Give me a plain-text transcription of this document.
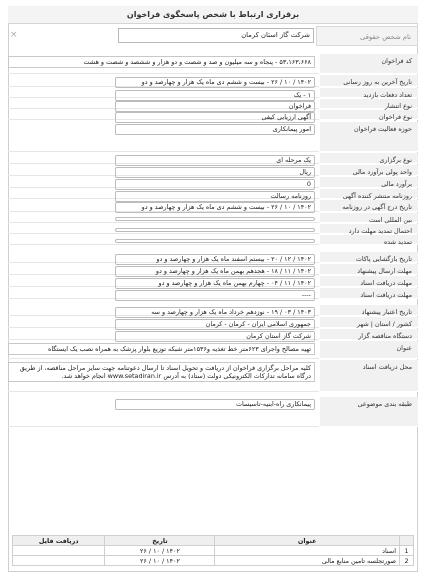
برقراری ارتباط با شخص پاسخگوی فراخوان
نام شخص حقوقی
شرکت گاز استان کرمان
×
کد فراخوان
۵۳،۱۶۳،۶۶۸ - پنجاه و سه میلیون و صد و شصت و دو هزار و ششصد و شصت و هشت
تاریخ آخرین به روز رسانی
۱۴۰۲ / ۱۰ / ۲۶ - بیست و ششم دی ماه یک هزار و چهارصد و دو
تعداد دفعات بازدید
۱ - یک
نوع انتشار
فراخوان
نوع فراخوان
آگهی ارزیابی کیفی
حوزه فعالیت فراخوان
امور پیمانکاری
نوع برگزاری
یک مرحله ای
واحد پولی برآورد مالی
ریال
برآورد مالی
0
روزنامه منتشر کننده آگهی
روزنامه رسالت
تاریخ درج آگهی در روزنامه
۱۴۰۲ / ۱۰ / ۲۶ - بیست و ششم دی ماه یک هزار و چهارصد و دو
بین المللی است
احتمال تمدید مهلت دارد
تمدید شده
تاریخ بازگشایی پاکات
۱۴۰۲ / ۱۲ / ۲۰ - بیستم اسفند ماه یک هزار و چهارصد و دو
مهلت ارسال پیشنهاد
۱۴۰۲ / ۱۱ / ۱۸ - هجدهم بهمن ماه یک هزار و چهارصد و دو
مهلت دریافت اسناد
۱۴۰۲ / ۱۱ / ۰۴ - چهارم بهمن ماه یک هزار و چهارصد و دو
مهلت دریافت اسناد
----
تاریخ اعتبار پیشنهاد
۱۴۰۳ / ۰۳ / ۱۹ - نوزدهم خرداد ماه یک هزار و چهارصد و سه
کشور / استان | شهر
جمهوری اسلامی ایران - کرمان - کرمان
دستگاه مناقصه گزار
شرکت گاز استان کرمان
عنوان
تهیه مصالح واجرای ۶۲۳متر خط تغذیه و۱۵۳۶متر شبکه توزیع بلوار پزشک به همراه نصب یک ایستگاه
محل دریافت اسناد
کلیه مراحل برگزاری فراخوان از دریافت و تحویل اسناد تا ارسال دعوتنامه جهت سایر مراحل مناقصه، از طریق درگاه سامانه تدارکات الکترونیکی دولت (ستاد) به آدرس www.setadiran.ir انجام خواهد شد.
طبقه بندی موضوعی
پیمانکاری راه-ابنیه-تاسیسات
	عنوان	تاریخ	دریافت فایل
1	اسناد	۱۴۰۲ / ۱۰ / ۲۶	
2	صورتجلسه تامین منابع مالی	۱۴۰۲ / ۱۰ / ۲۶	
